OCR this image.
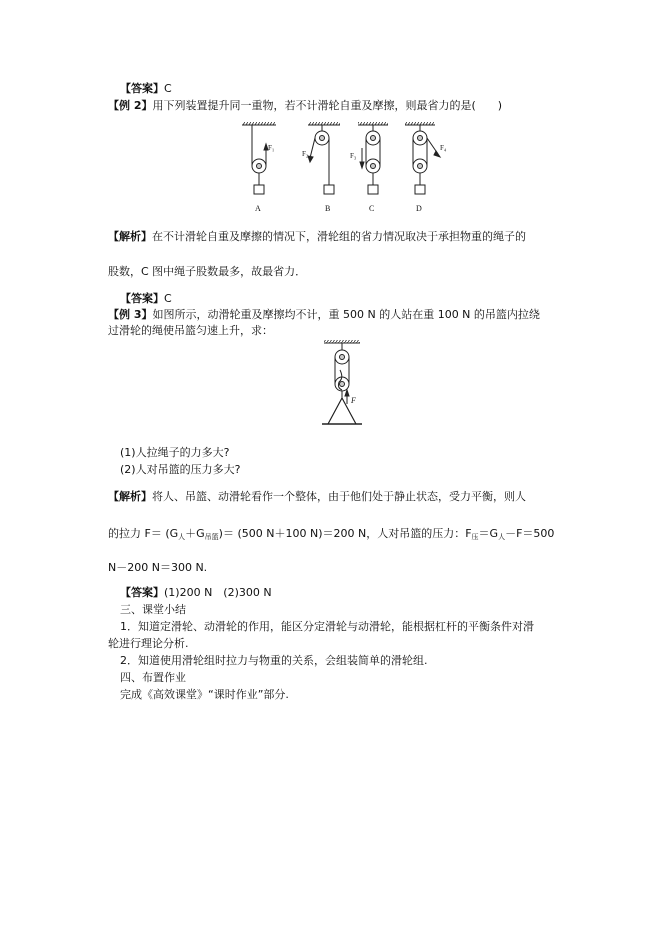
【答案】C
【例 2】用下列装置提升同一重物，若不计滑轮自重及摩擦，则最省力的是(　　)
F₁
F₂	F₃
F₄
A	B	C	D
【解析】在不计滑轮自重及摩擦的情况下，滑轮组的省力情况取决于承担物重的绳子的
股数，C 图中绳子股数最多，故最省力．
【答案】C
【例 3】如图所示，动滑轮重及摩擦均不计，重 500 N 的人站在重 100 N 的吊篮内拉绕
过滑轮的绳使吊篮匀速上升，求：
F
(1)人拉绳子的力多大?
(2)人对吊篮的压力多大?
【解析】将人、吊篮、动滑轮看作一个整体，由于他们处于静止状态，受力平衡，则人
的拉力 $F= (G_人+G_{吊篮})= (500$ N＋100 N)＝200 N，人对吊篮的压力：$F_压=G_人-F=500$
N－200 N＝300 N.
【答案】(1)200 N　(2)300 N
三、课堂小结
1．知道定滑轮、动滑轮的作用，能区分定滑轮与动滑轮，能根据杠杆的平衡条件对滑
轮进行理论分析.
2．知道使用滑轮组时拉力与物重的关系，会组装简单的滑轮组.
四、布置作业
完成《高效课堂》“课时作业”部分.
